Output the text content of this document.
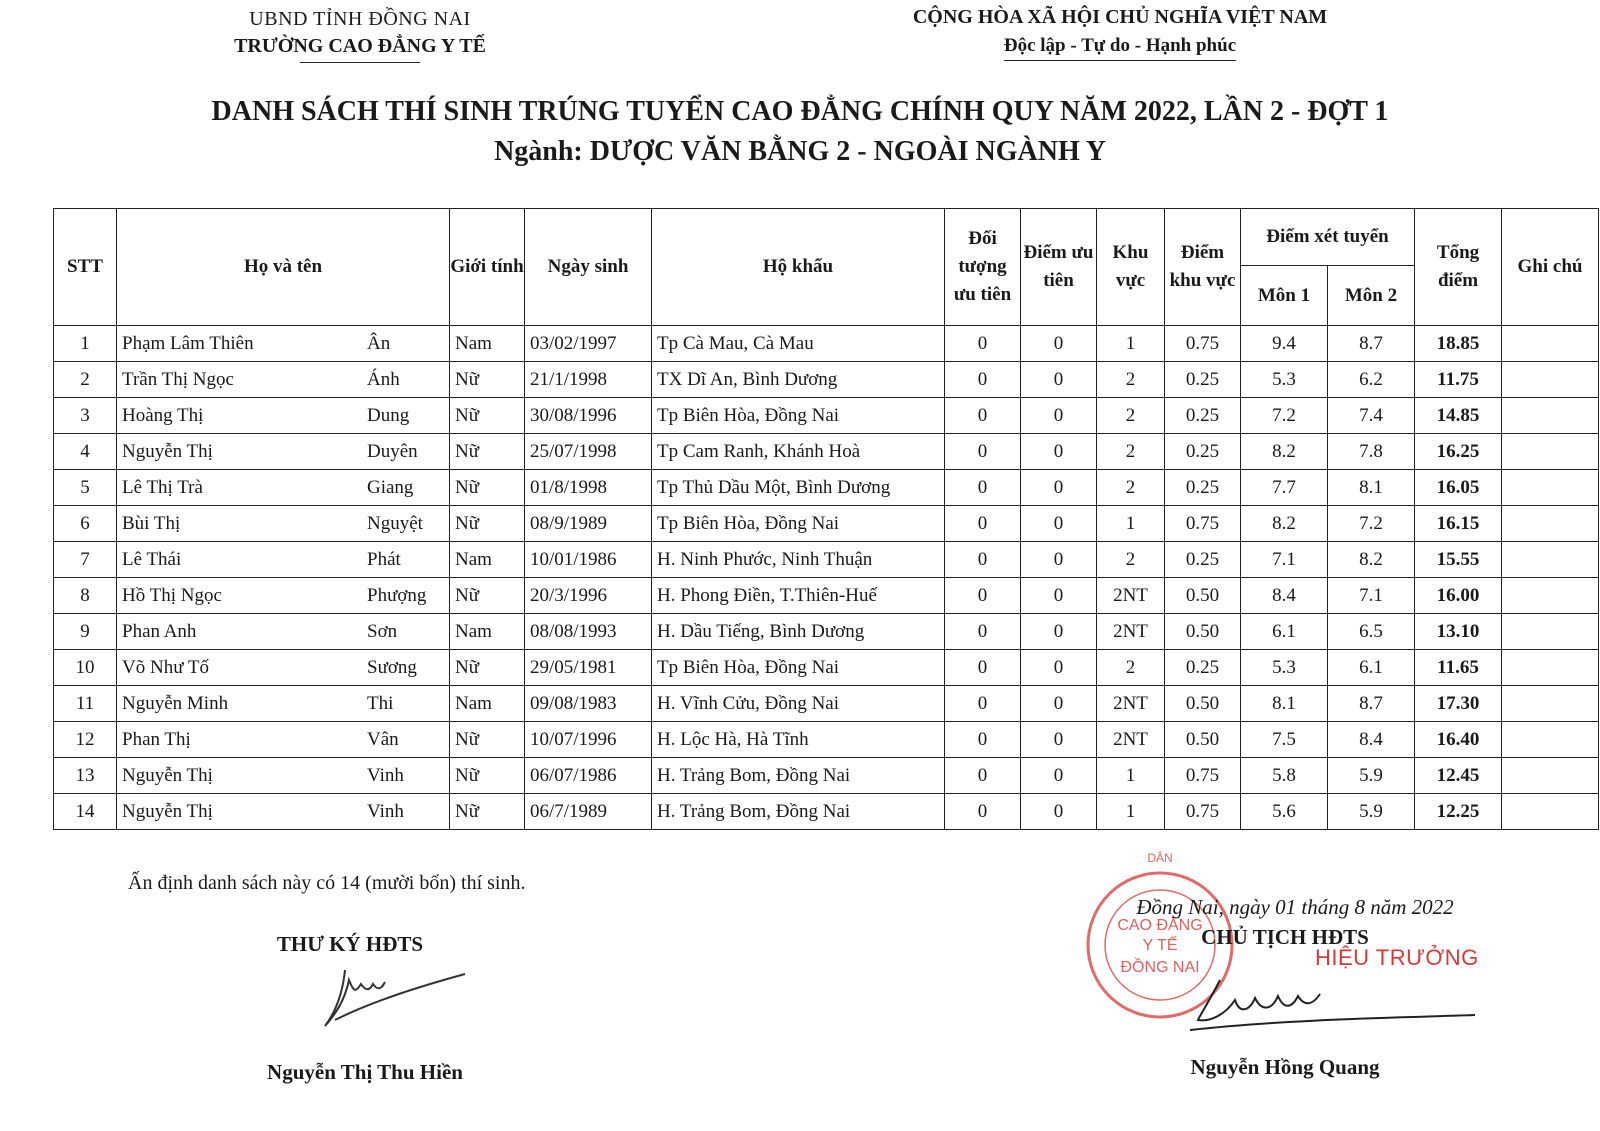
UBND TỈNH ĐỒNG NAI
TRƯỜNG CAO ĐẲNG Y TẾ
CỘNG HÒA XÃ HỘI CHỦ NGHĨA VIỆT NAM
Độc lập - Tự do - Hạnh phúc
DANH SÁCH THÍ SINH TRÚNG TUYỂN CAO ĐẲNG CHÍNH QUY NĂM 2022, LẦN 2 - ĐỢT 1
Ngành: DƯỢC VĂN BẰNG 2 - NGOÀI NGÀNH Y
STT	Họ và tên	Giới tính	Ngày sinh	Hộ khẩu	Đối tượng ưu tiên	Điểm ưu tiên	Khu vực	Điểm khu vực	Điểm xét tuyển		Tổng điểm	Ghi chú
									Môn 1	Môn 2		
1	Phạm Lâm Thiên Ân	Nam	03/02/1997	Tp Cà Mau, Cà Mau	0	0	1	0.75	9.4	8.7	18.85	
2	Trần Thị Ngọc Ánh	Nữ	21/1/1998	TX Dĩ An, Bình Dương	0	0	2	0.25	5.3	6.2	11.75	
3	Hoàng Thị Dung	Nữ	30/08/1996	Tp Biên Hòa, Đồng Nai	0	0	2	0.25	7.2	7.4	14.85	
4	Nguyễn Thị Duyên	Nữ	25/07/1998	Tp Cam Ranh, Khánh Hoà	0	0	2	0.25	8.2	7.8	16.25	
5	Lê Thị Trà Giang	Nữ	01/8/1998	Tp Thủ Dầu Một, Bình Dương	0	0	2	0.25	7.7	8.1	16.05	
6	Bùi Thị Nguyệt	Nữ	08/9/1989	Tp Biên Hòa, Đồng Nai	0	0	1	0.75	8.2	7.2	16.15	
7	Lê Thái Phát	Nam	10/01/1986	H. Ninh Phước, Ninh Thuận	0	0	2	0.25	7.1	8.2	15.55	
8	Hồ Thị Ngọc Phượng	Nữ	20/3/1996	H. Phong Điền, T.Thiên-Huế	0	0	2NT	0.50	8.4	7.1	16.00	
9	Phan Anh Sơn	Nam	08/08/1993	H. Dầu Tiếng, Bình Dương	0	0	2NT	0.50	6.1	6.5	13.10	
10	Võ Như Tố Sương	Nữ	29/05/1981	Tp Biên Hòa, Đồng Nai	0	0	2	0.25	5.3	6.1	11.65	
11	Nguyễn Minh Thi	Nam	09/08/1983	H. Vĩnh Cửu, Đồng Nai	0	0	2NT	0.50	8.1	8.7	17.30	
12	Phan Thị Vân	Nữ	10/07/1996	H. Lộc Hà, Hà Tĩnh	0	0	2NT	0.50	7.5	8.4	16.40	
13	Nguyễn Thị Vinh	Nữ	06/07/1986	H. Trảng Bom, Đồng Nai	0	0	1	0.75	5.8	5.9	12.45	
14	Nguyễn Thị Vinh	Nữ	06/7/1989	H. Trảng Bom, Đồng Nai	0	0	1	0.75	5.6	5.9	12.25	
Ấn định danh sách này có 14 (mười bốn) thí sinh.
THƯ KÝ HĐTS
Nguyễn Thị Thu Hiền
DÂN
CAO ĐẲNG
Y TẾ
ĐỒNG NAI
Đồng Nai, ngày 01 tháng 8 năm 2022
CHỦ TỊCH HĐTS
HIỆU TRƯỞNG
Nguyễn Hồng Quang
